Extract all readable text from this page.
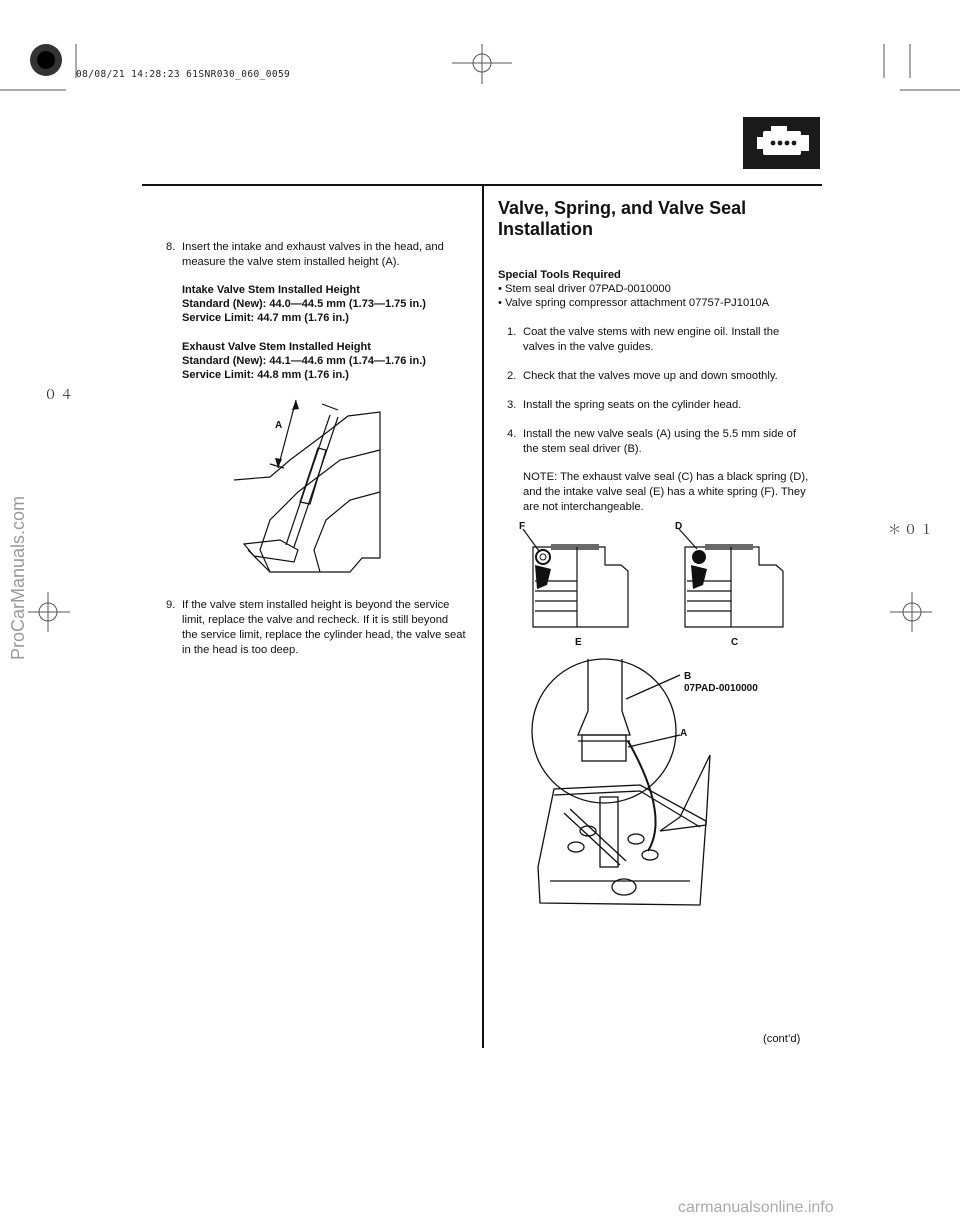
08/08/21 14:28:23 61SNR030_060_0059
ProCarManuals.com
０４
＊０１
8. Insert the intake and exhaust valves in the head, and measure the valve stem installed height (A).
Intake Valve Stem Installed Height
Standard (New): 44.0—44.5 mm (1.73—1.75 in.)
Service Limit: 44.7 mm (1.76 in.)
Exhaust Valve Stem Installed Height
Standard (New): 44.1—44.6 mm (1.74—1.76 in.)
Service Limit: 44.8 mm (1.76 in.)
A
9. If the valve stem installed height is beyond the service limit, replace the valve and recheck. If it is still beyond the service limit, replace the cylinder head, the valve seat in the head is too deep.
Valve, Spring, and Valve Seal Installation
Special Tools Required
• Stem seal driver 07PAD-0010000
• Valve spring compressor attachment 07757-PJ1010A
1. Coat the valve stems with new engine oil. Install the valves in the valve guides.
2. Check that the valves move up and down smoothly.
3. Install the spring seats on the cylinder head.
4. Install the new valve seals (A) using the 5.5 mm side of the stem seal driver (B).
NOTE: The exhaust valve seal (C) has a black spring (D), and the intake valve seal (E) has a white spring (F). They are not interchangeable.
F	D
E	C
B
07PAD-0010000
A
(cont’d)
carmanualsonline.info
